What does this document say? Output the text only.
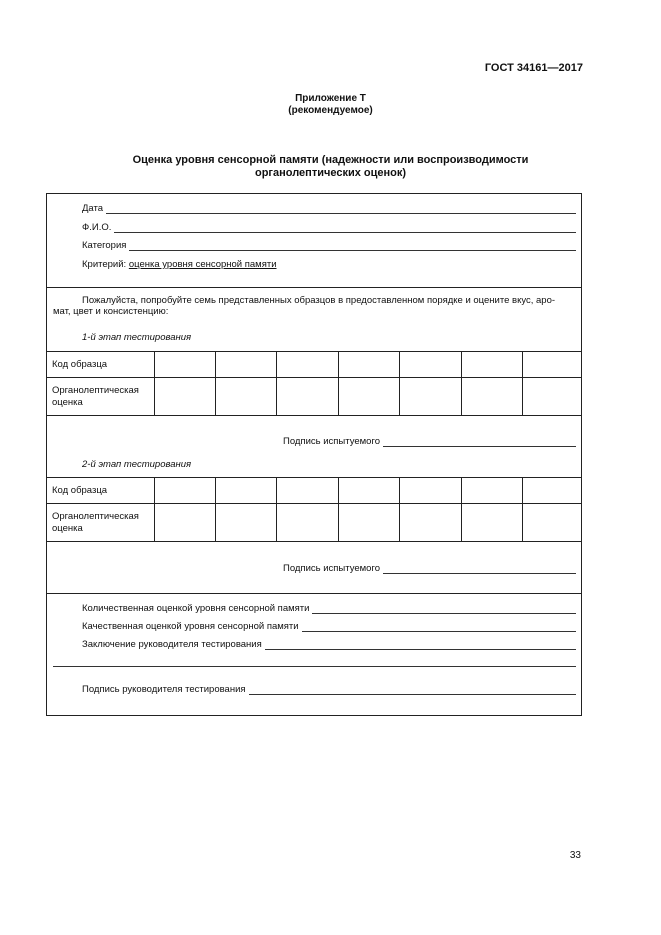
ГОСТ 34161—2017
Приложение Т
(рекомендуемое)
Оценка уровня сенсорной памяти (надежности или воспроизводимости
органолептических оценок)
Дата
Ф.И.О.
Категория
Критерий: оценка уровня сенсорной памяти
Пожалуйста, попробуйте семь представленных образцов в предоставленном порядке и оцените вкус, аро-
мат, цвет и консистенцию:
1-й этап тестирования
Код образца
Органолептическая
оценка
Подпись испытуемого
2-й этап тестирования
Код образца
Органолептическая
оценка
Подпись испытуемого
Количественная оценкой уровня сенсорной памяти
Качественная оценкой уровня сенсорной памяти
Заключение руководителя тестирования
Подпись руководителя тестирования
33
